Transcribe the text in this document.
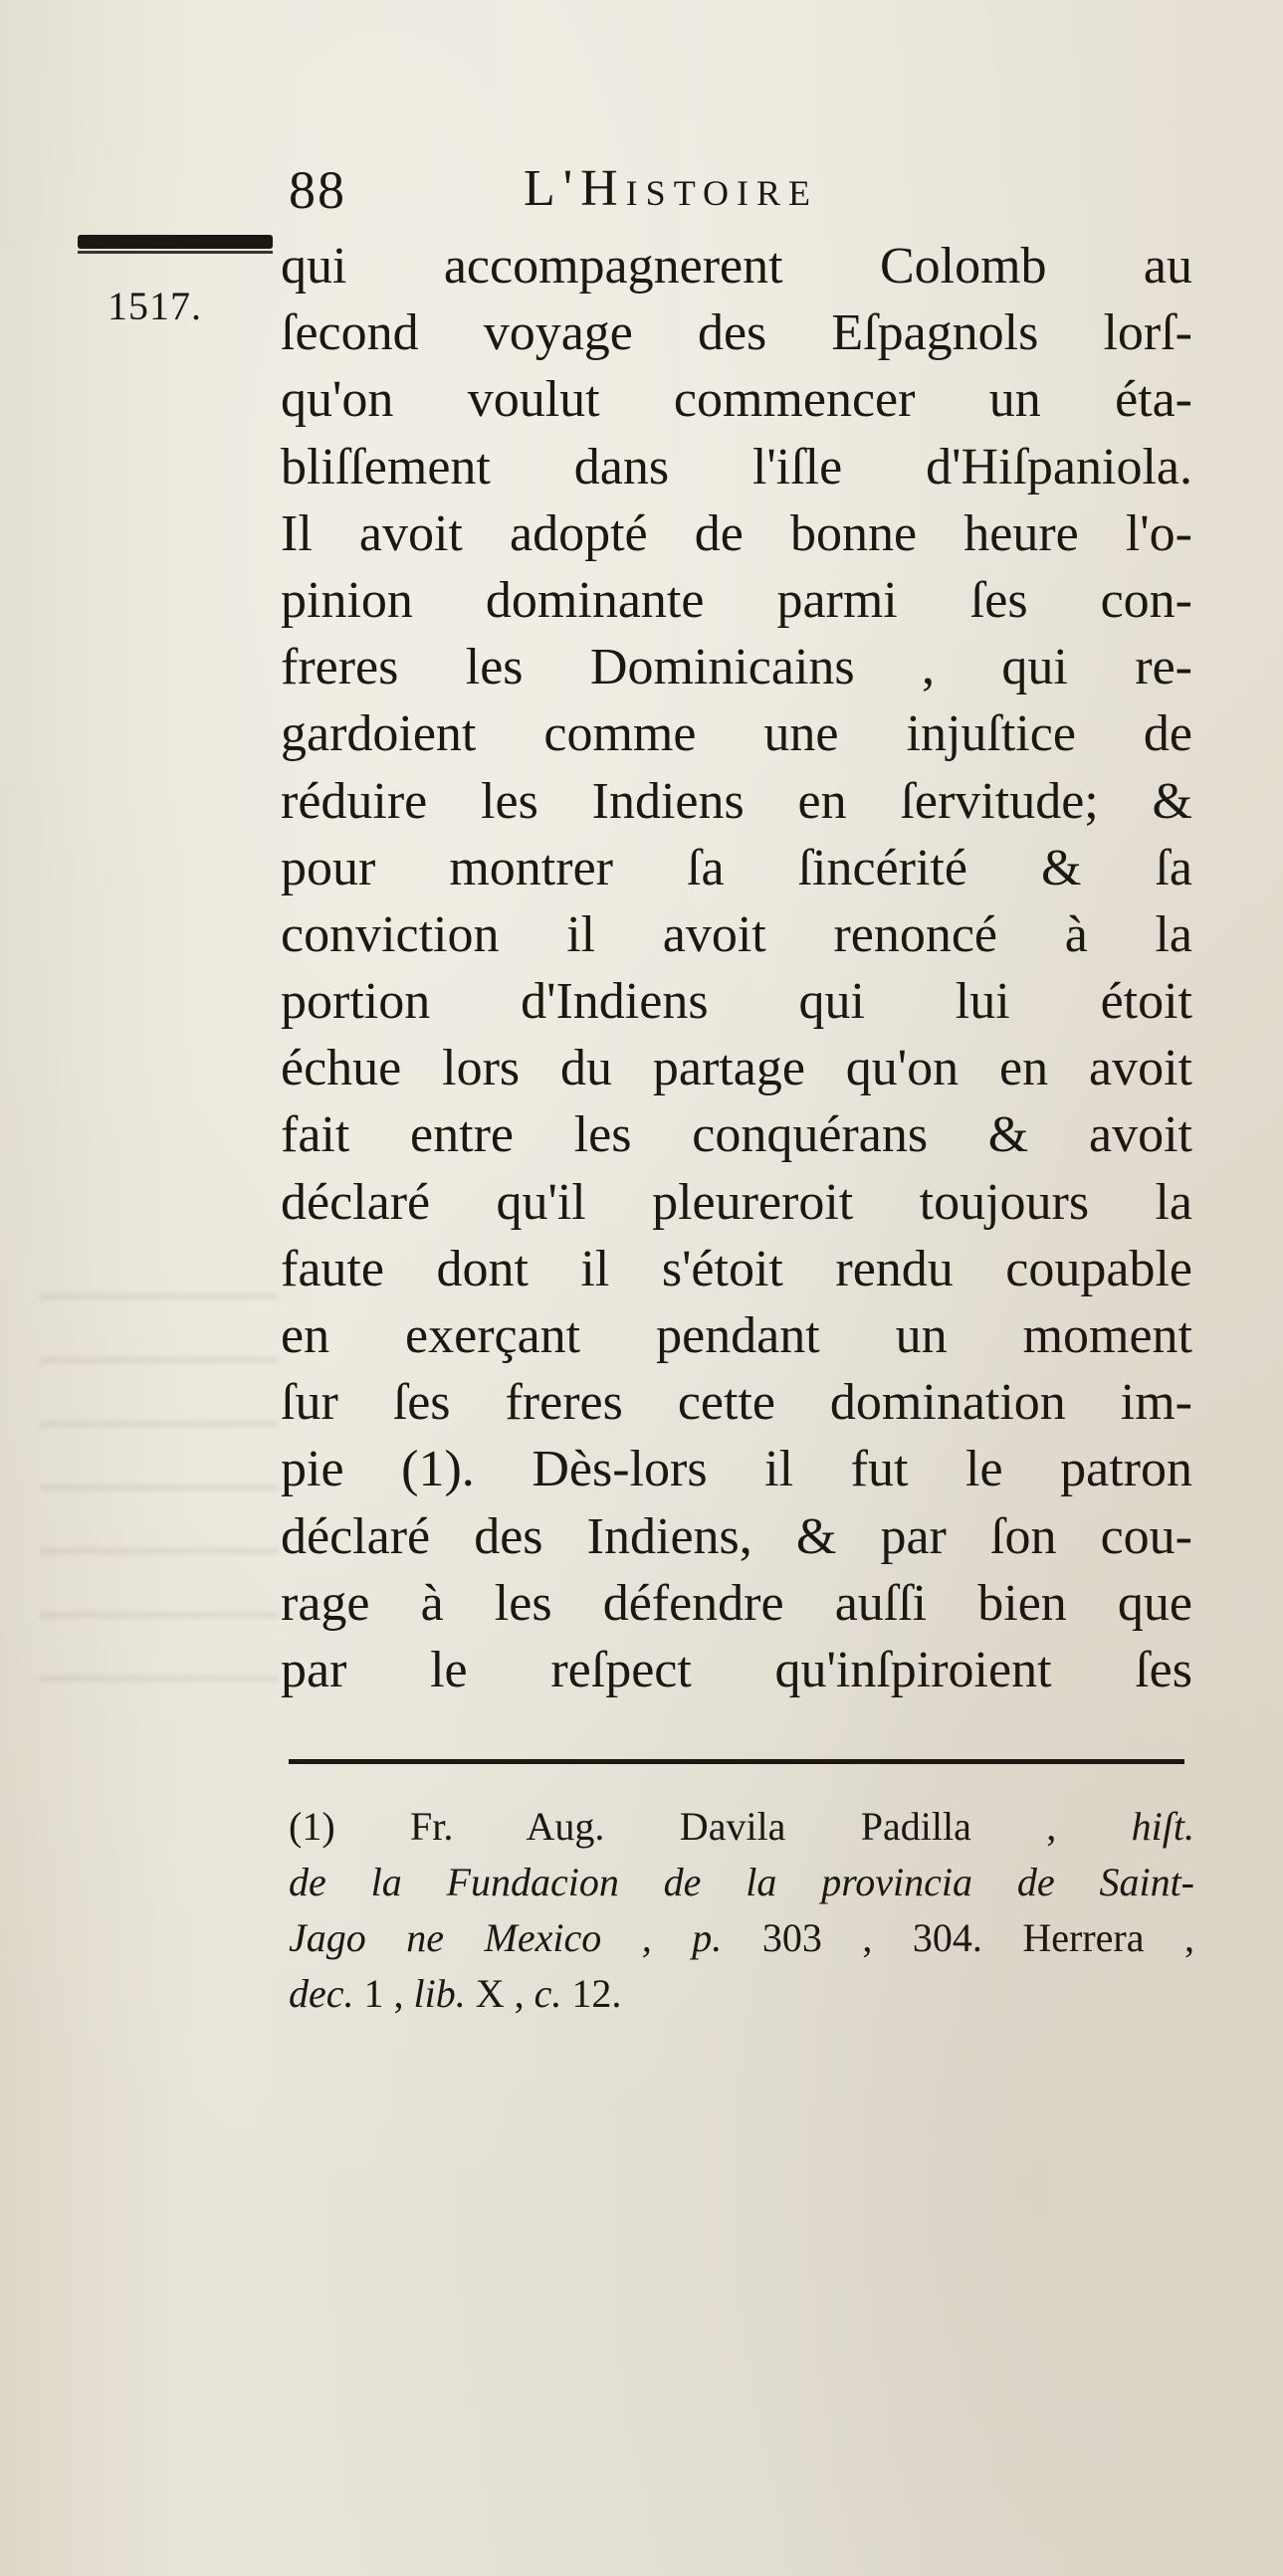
88	L'Histoire
1517.
qui accompagnerent Colomb au
ſecond voyage des Eſpagnols lorſ-
qu'on voulut commencer un éta-
bliſſement dans l'iſle d'Hiſpaniola.
Il avoit adopté de bonne heure l'o-
pinion dominante parmi ſes con-
freres les Dominicains , qui re-
gardoient comme une injuſtice de
réduire les Indiens en ſervitude; &
pour montrer ſa ſincérité & ſa
conviction il avoit renoncé à la
portion d'Indiens qui lui étoit
échue lors du partage qu'on en avoit
fait entre les conquérans & avoit
déclaré qu'il pleureroit toujours la
faute dont il s'étoit rendu coupable
en exerçant pendant un moment
ſur ſes freres cette domination im-
pie (1). Dès-lors il fut le patron
déclaré des Indiens, & par ſon cou-
rage à les défendre auſſi bien que
par le reſpect qu'inſpiroient ſes
(1) Fr. Aug. Davila Padilla , hiſt.
de la Fundacion de la provincia de Saint-
Jago ne Mexico , p. 303 , 304. Herrera ,
dec. 1 , lib. X , c. 12.
